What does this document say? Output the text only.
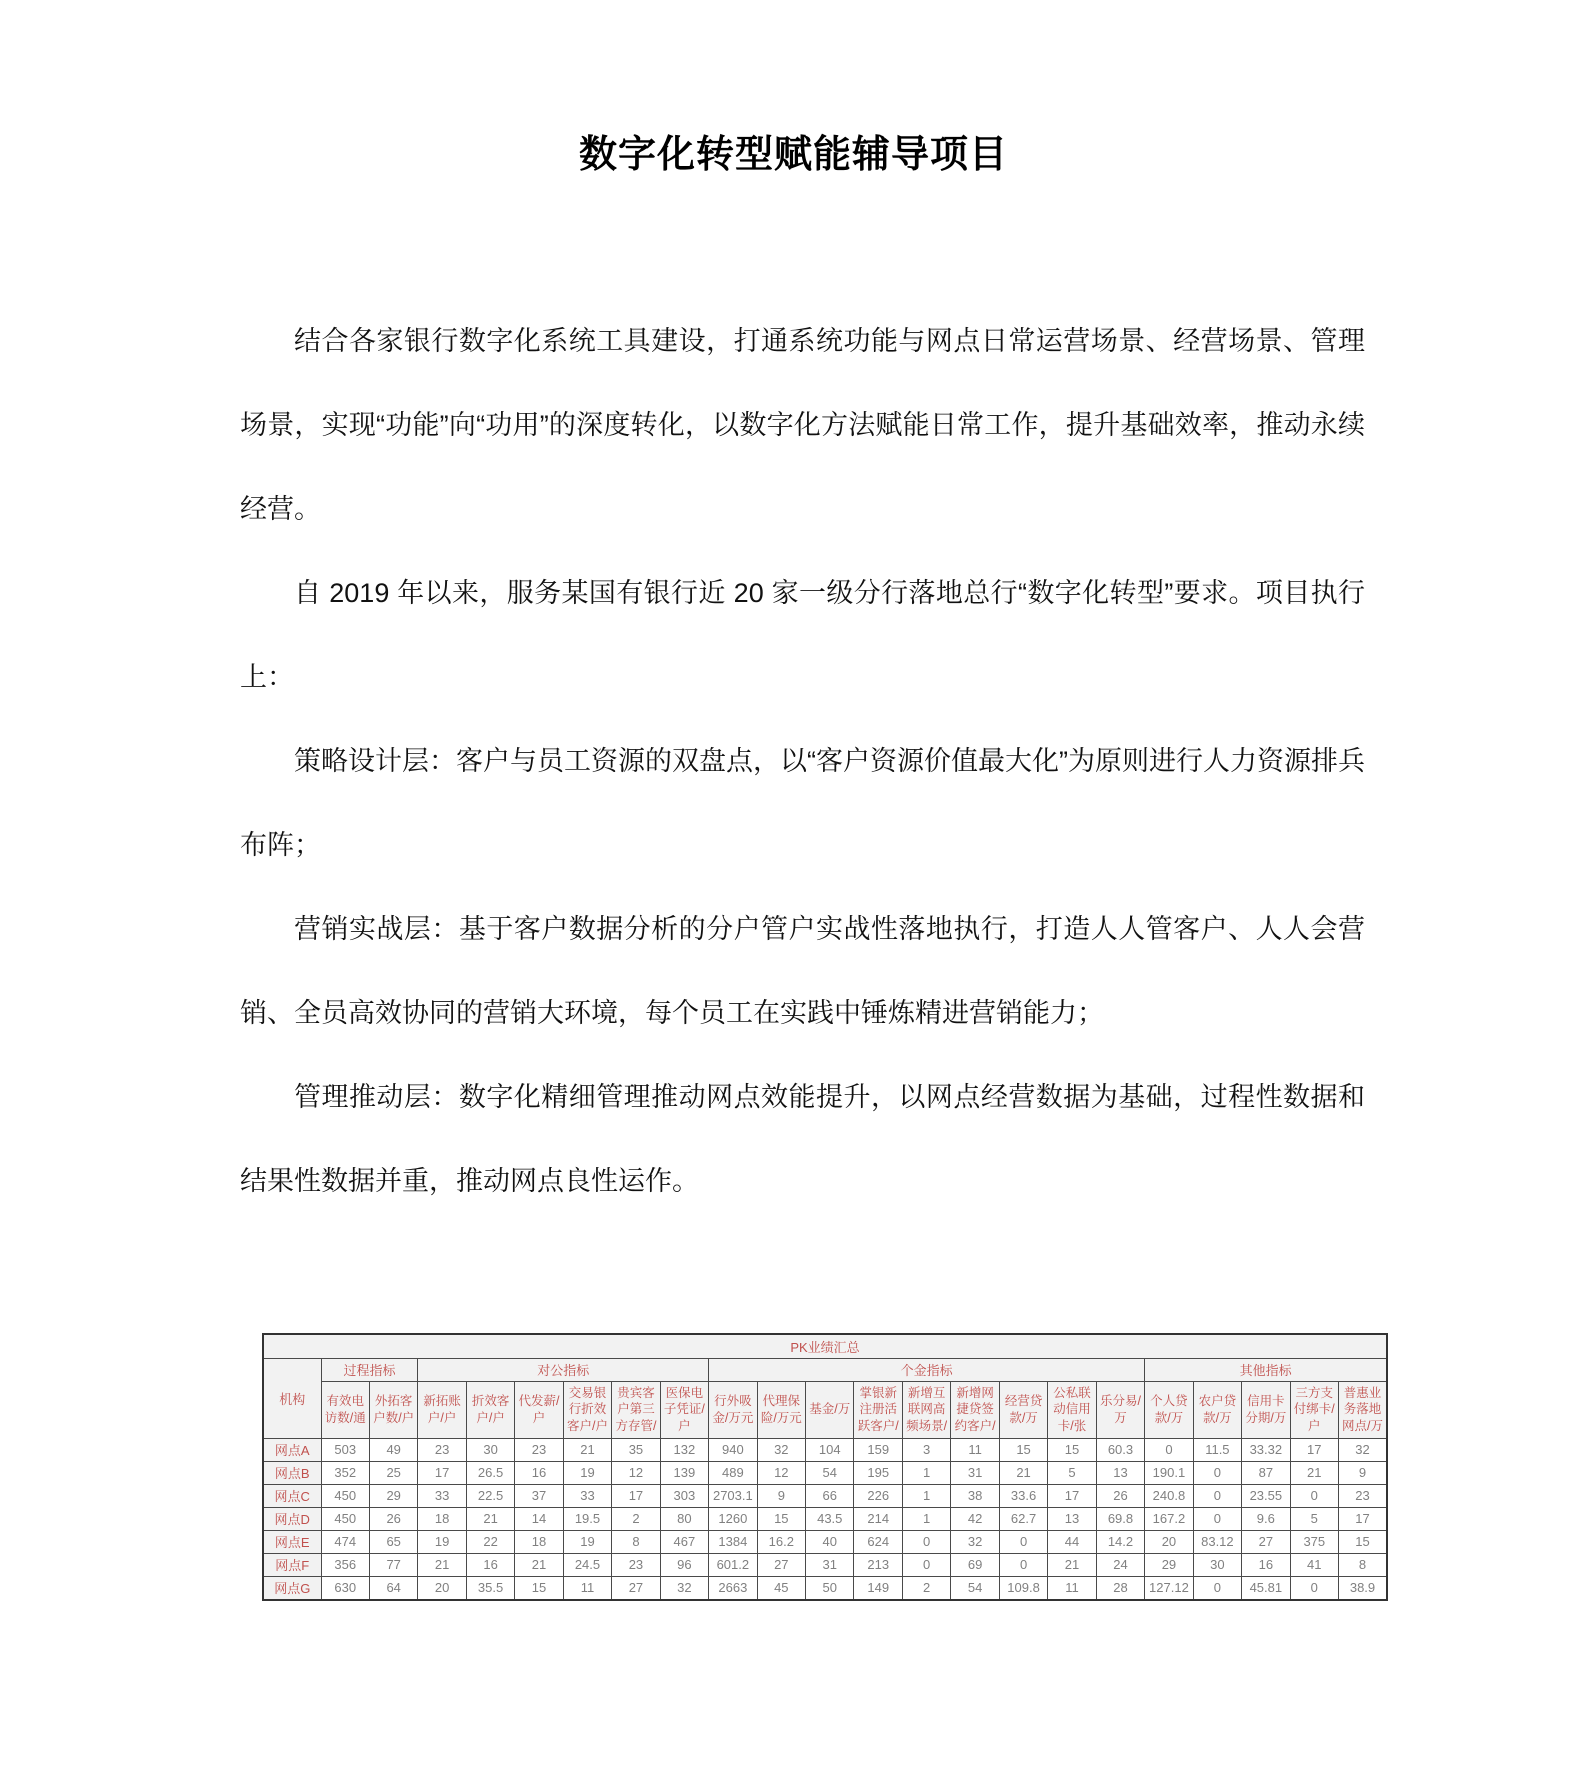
数字化转型赋能辅导项目

结合各家银行数字化系统工具建设，打通系统功能与网点日常运营场景、经营场景、管理场景，实现“功能”向“功用”的深度转化，以数字化方法赋能日常工作，提升基础效率，推动永续经营。

自 2019 年以来，服务某国有银行近 20 家一级分行落地总行“数字化转型”要求。项目执行上：

策略设计层：客户与员工资源的双盘点，以“客户资源价值最大化”为原则进行人力资源排兵布阵；

营销实战层：基于客户数据分析的分户管户实战性落地执行，打造人人管客户、人人会营销、全员高效协同的营销大环境，每个员工在实践中锤炼精进营销能力；

管理推动层：数字化精细管理推动网点效能提升，以网点经营数据为基础，过程性数据和结果性数据并重，推动网点良性运作。

PK业绩汇总																						
机构	过程指标		对公指标						个金指标									其他指标				
	有效电访数/通	外拓客户数/户	新拓账户/户	折效客户/户	代发薪/户	交易银行折效客户/户	贵宾客户第三方存管/	医保电子凭证/户	行外吸金/万元	代理保险/万元	基金/万	掌银新注册活跃客户/	新增互联网高频场景/	新增网捷贷签约客户/	经营贷款/万	公私联动信用卡/张	乐分易/万	个人贷款/万	农户贷款/万	信用卡分期/万	三方支付绑卡/户	普惠业务落地网点/万
网点A	503	49	23	30	23	21	35	132	940	32	104	159	3	11	15	15	60.3	0	11.5	33.32	17	32
网点B	352	25	17	26.5	16	19	12	139	489	12	54	195	1	31	21	5	13	190.1	0	87	21	9
网点C	450	29	33	22.5	37	33	17	303	2703.1	9	66	226	1	38	33.6	17	26	240.8	0	23.55	0	23
网点D	450	26	18	21	14	19.5	2	80	1260	15	43.5	214	1	42	62.7	13	69.8	167.2	0	9.6	5	17
网点E	474	65	19	22	18	19	8	467	1384	16.2	40	624	0	32	0	44	14.2	20	83.12	27	375	15
网点F	356	77	21	16	21	24.5	23	96	601.2	27	31	213	0	69	0	21	24	29	30	16	41	8
网点G	630	64	20	35.5	15	11	27	32	2663	45	50	149	2	54	109.8	11	28	127.12	0	45.81	0	38.9
